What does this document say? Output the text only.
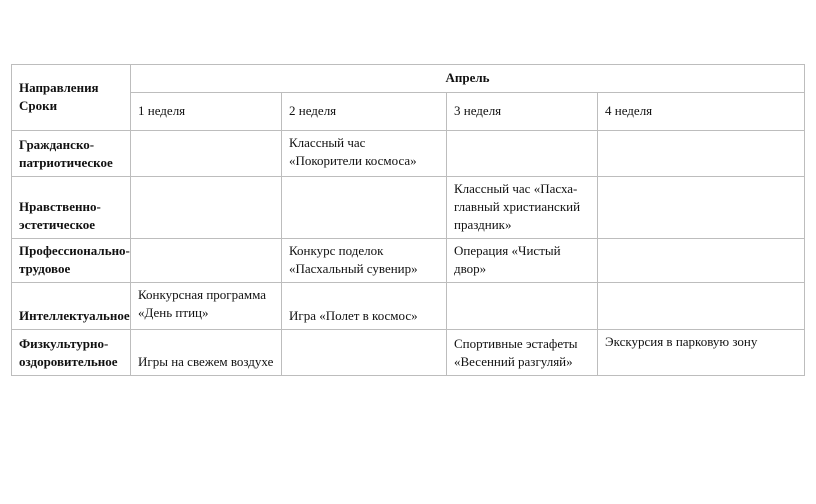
Направления
Сроки	Апрель			
	1 неделя	2 неделя	3 неделя	4 неделя
Гражданско-
патриотическое		Классный час «Покорители космоса»		
Нравственно-
эстетическое			Классный час «Пасха- главный христианский праздник»	
Профессионально-
трудовое		Конкурс поделок «Пасхальный сувенир»	Операция «Чистый двор»	
Интеллектуальное	Конкурсная программа «День птиц»	Игра «Полет в космос»		
Физкультурно-
оздоровительное	Игры на свежем воздухе		Спортивные эстафеты «Весенний разгуляй»	Экскурсия в парковую зону
